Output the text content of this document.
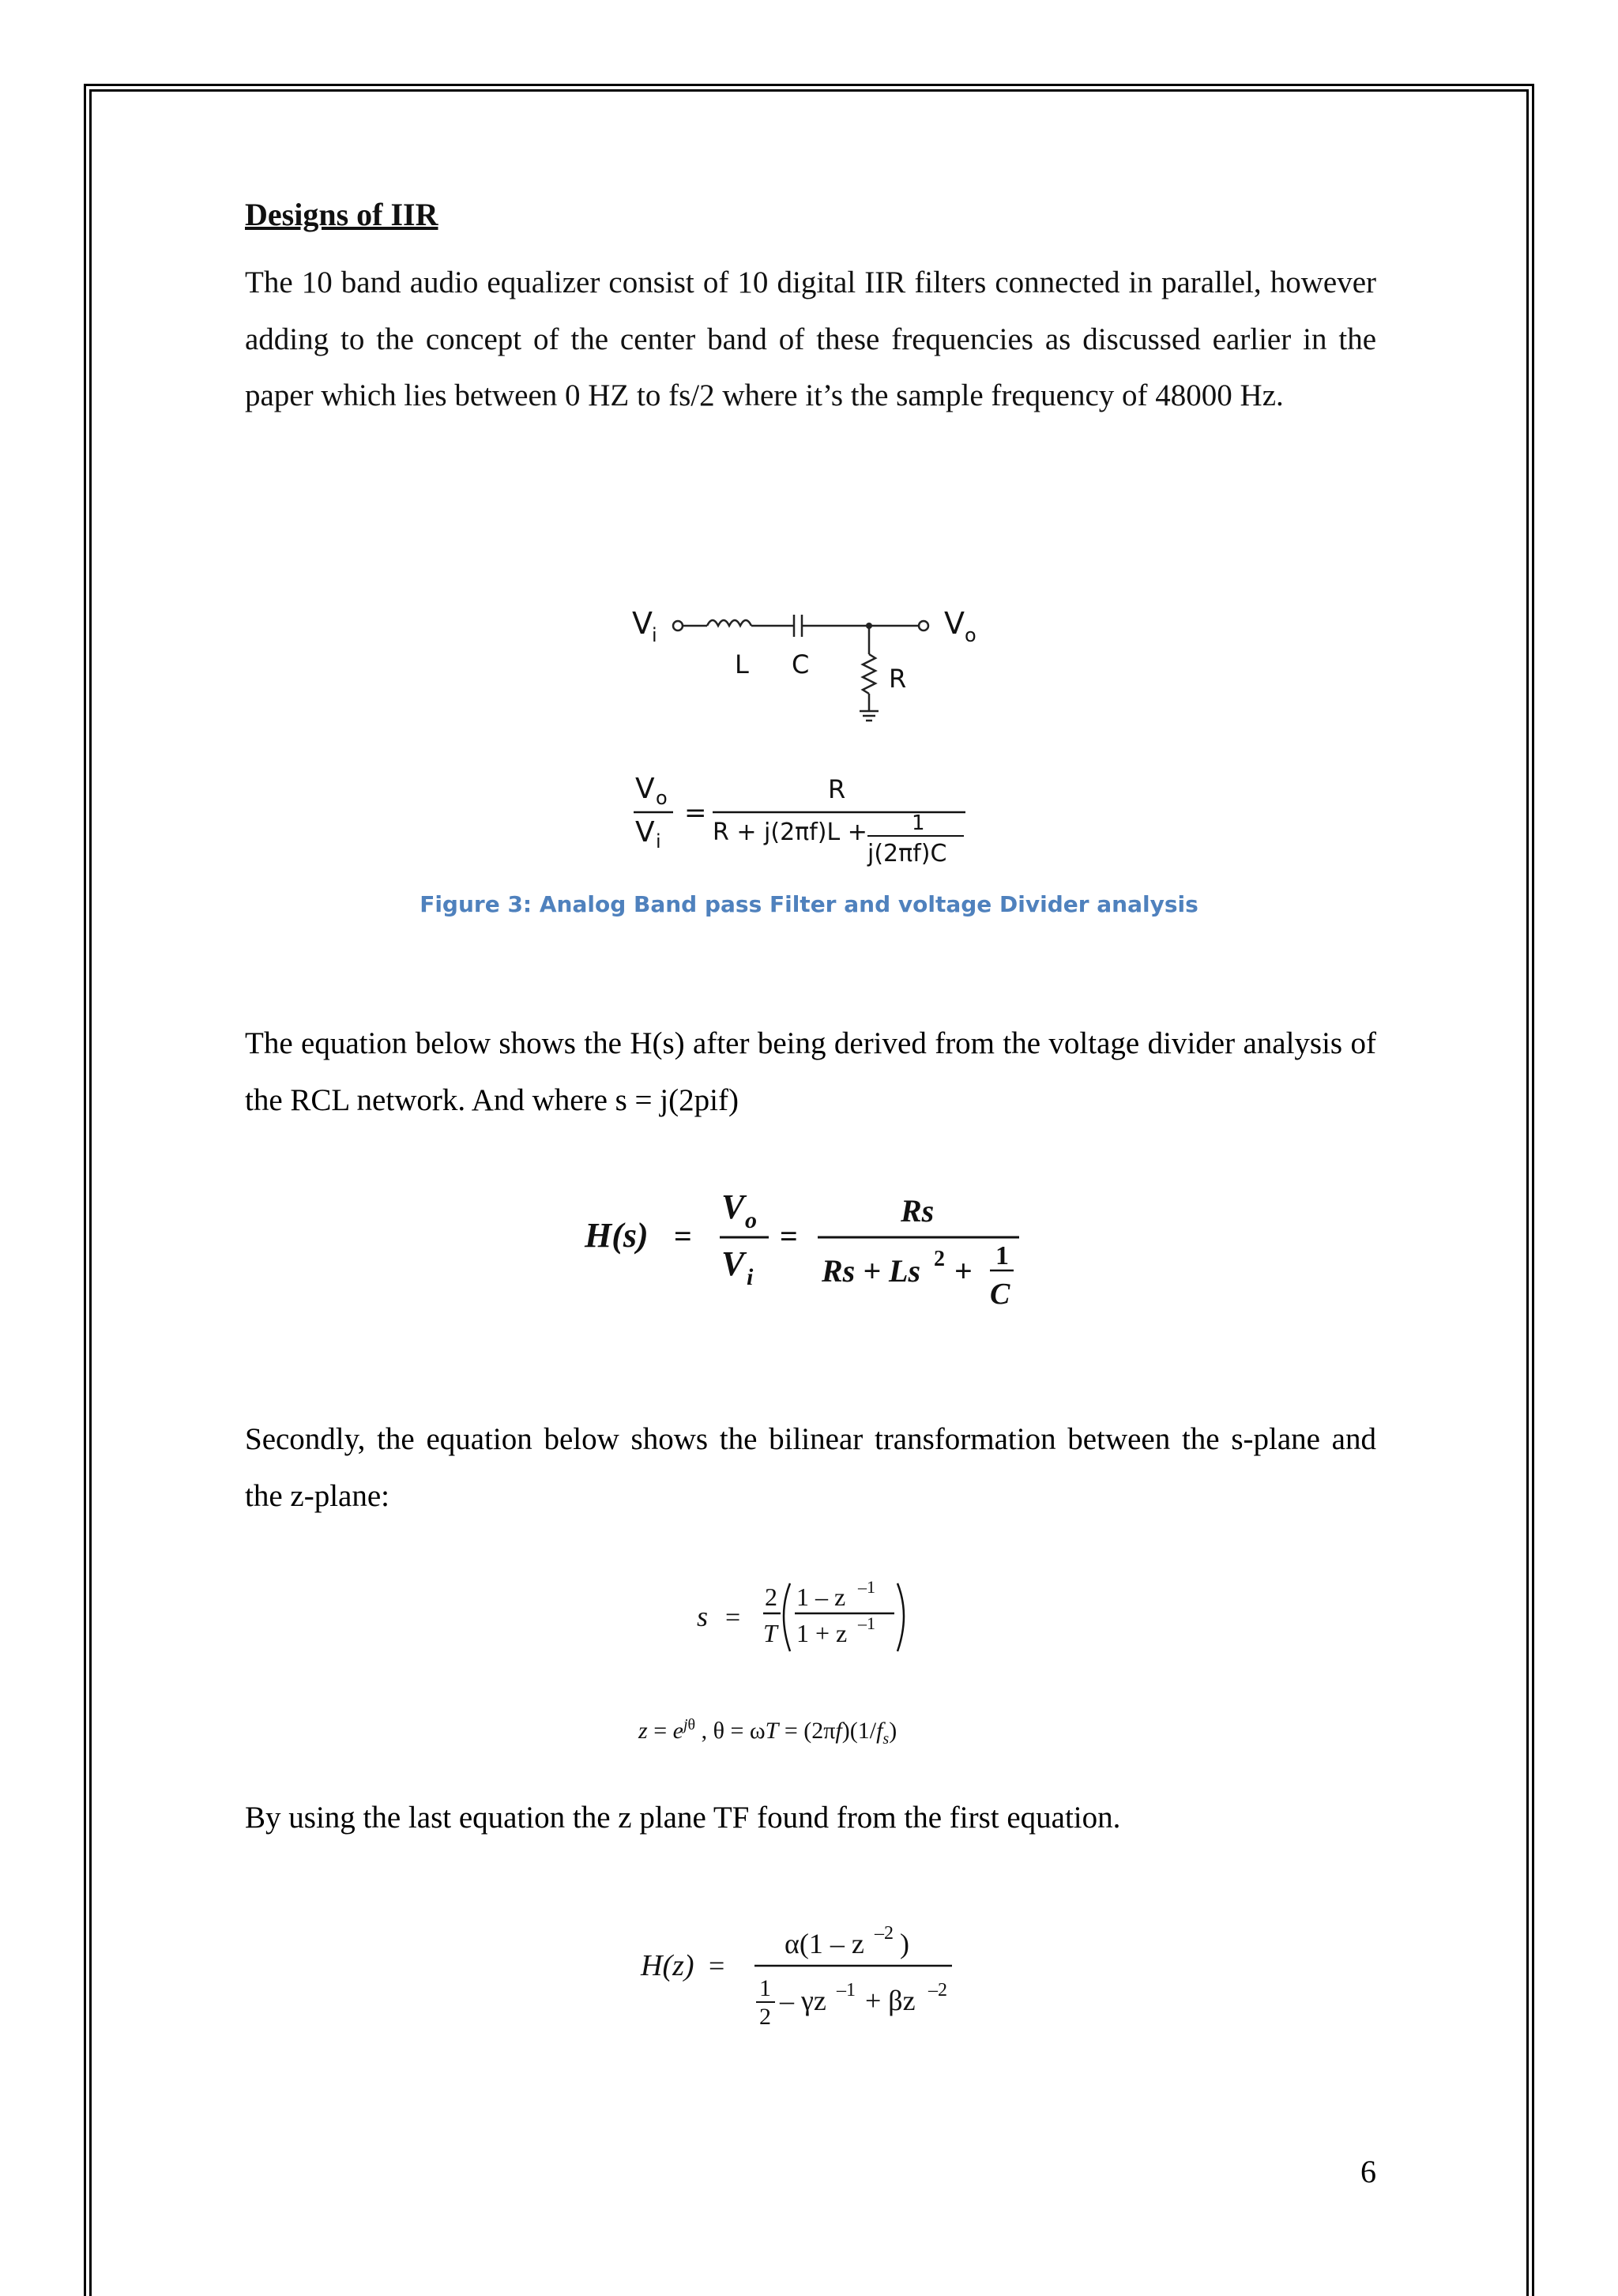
Designs of IIR

The 10 band audio equalizer consist of 10 digital IIR filters connected in parallel, however adding to the concept of the center band of these frequencies as discussed earlier in the paper which lies between 0 HZ to fs/2 where it’s the sample frequency of 48000 Hz.

V i	V o
L C	R
V o
V i
=
R
R + j(2πf)L + 1
j(2πf)C
Figure 3: Analog Band pass Filter and voltage Divider analysis

The equation below shows the H(s) after being derived from the voltage divider analysis of the RCL network. And where s = j(2pif)

H(s) =
V o
V i
=
Rs
Rs + Ls 2 + 1
C

Secondly, the equation below shows the bilinear transformation between the s-plane and the z-plane:

s =
2
T
1 – z –1
1 + z –1
$z = e^{j\theta}$ , $\theta = \omega T = (2\pi f)(1/f_s)$

By using the last equation the z plane TF found from the first equation.

H(z) =
α(1 – z –2 )
1
2
– γz –1 + βz –2
6
